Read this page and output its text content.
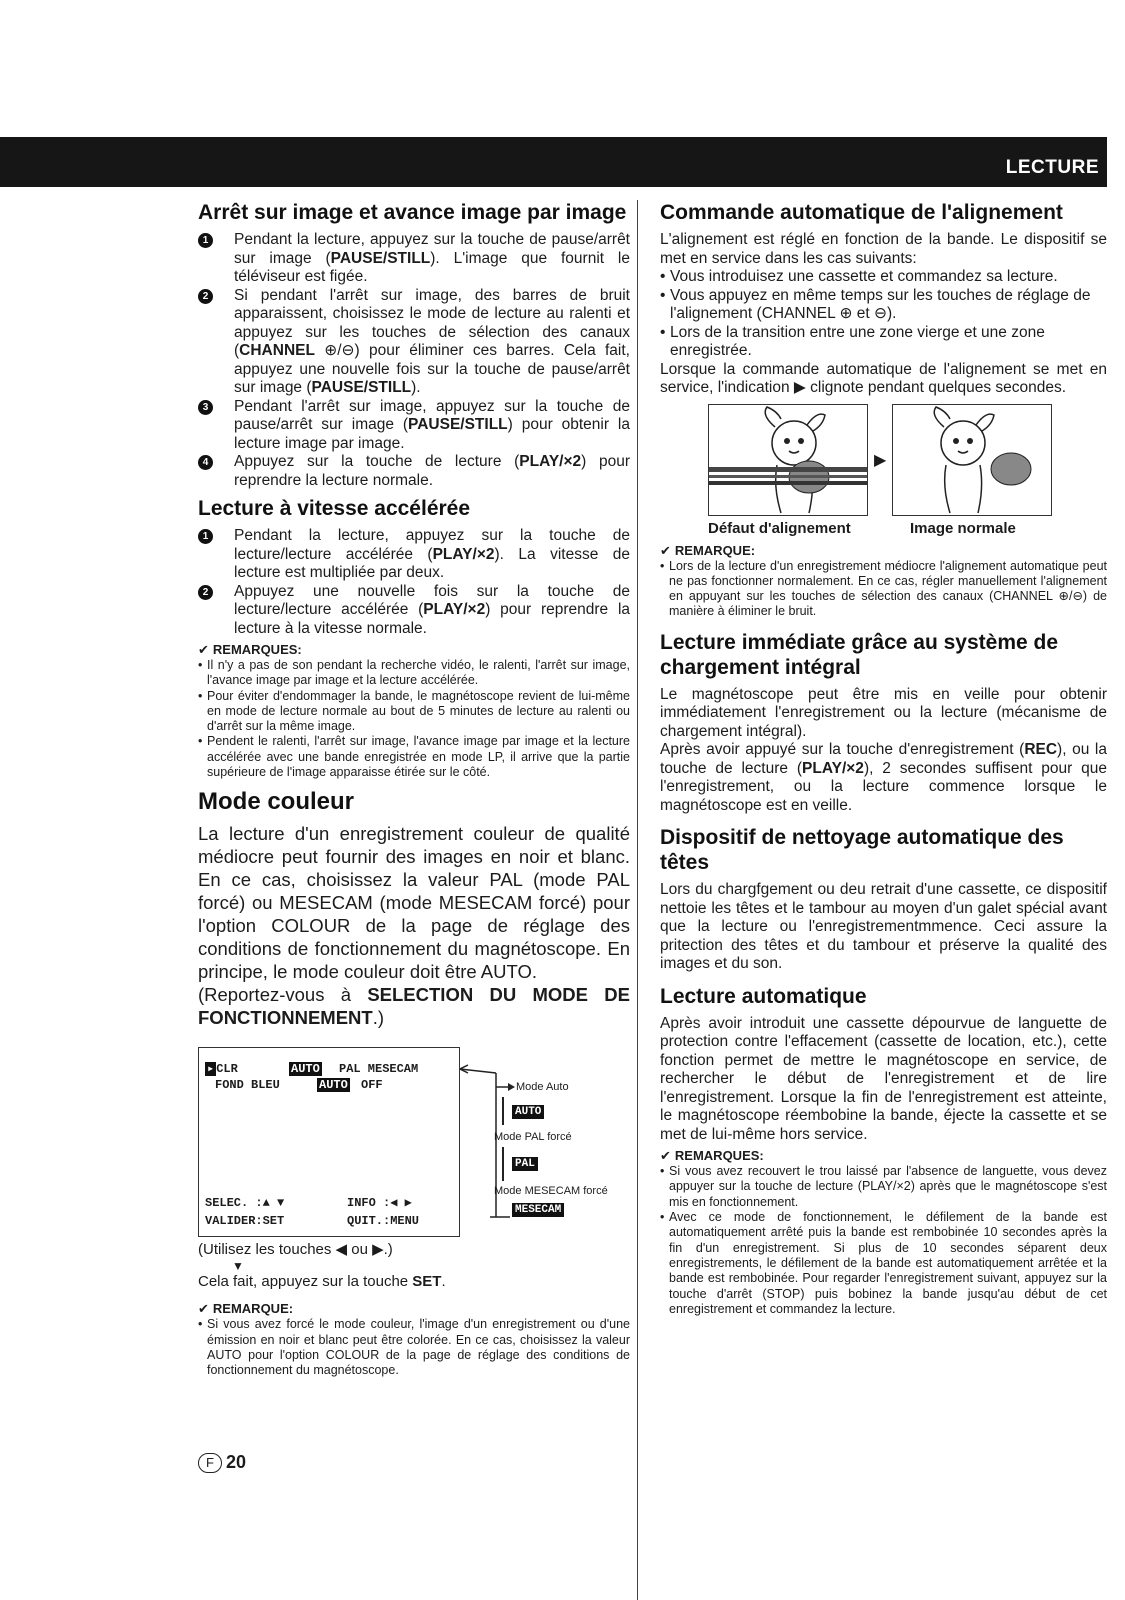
LECTURE
Arrêt sur image et avance image par image
1	Pendant la lecture, appuyez sur la touche de pause/arrêt sur image (PAUSE/STILL). L'image que fournit le téléviseur est figée.
2	Si pendant l'arrêt sur image, des barres de bruit apparaissent, choisissez le mode de lecture au ralenti et appuyez sur les touches de sélection des canaux (CHANNEL ⊕/⊖) pour éliminer ces barres. Cela fait, appuyez une nouvelle fois sur la touche de pause/arrêt sur image (PAUSE/STILL).
3	Pendant l'arrêt sur image, appuyez sur la touche de pause/arrêt sur image (PAUSE/STILL) pour obtenir la lecture image par image.
4	Appuyez sur la touche de lecture (PLAY/×2) pour reprendre la lecture normale.
Lecture à vitesse accélérée
1	Pendant la lecture, appuyez sur la touche de lecture/lecture accélérée (PLAY/×2). La vitesse de lecture est multipliée par deux.
2	Appuyez une nouvelle fois sur la touche de lecture/lecture accélérée (PLAY/×2) pour reprendre la lecture à la vitesse normale.
✔ REMARQUES:
• Il n'y a pas de son pendant la recherche vidéo, le ralenti, l'arrêt sur image, l'avance image par image et la lecture accélérée.
• Pour éviter d'endommager la bande, le magnétoscope revient de lui-même en mode de lecture normale au bout de 5 minutes de lecture au ralenti ou d'arrêt sur la même image.
• Pendent le ralenti, l'arrêt sur image, l'avance image par image et la lecture accélérée avec une bande enregistrée en mode LP, il arrive que la partie supérieure de l'image apparaisse étirée sur le côté.
Mode couleur

La lecture d'un enregistrement couleur de qualité médiocre peut fournir des images en noir et blanc. En ce cas, choisissez la valeur PAL (mode PAL forcé) ou MESECAM (mode MESECAM forcé) pour l'option COLOUR de la page de réglage des conditions de fonctionnement du magnétoscope. En principe, le mode couleur doit être AUTO.

(Reportez-vous à SELECTION DU MODE DE FONCTIONNEMENT.)

▸ CLR	AUTO PAL MESECAM
FOND BLEU	AUTO OFF
SELEC. :▲ ▼	INFO :◀ ▶
VALIDER:SET	QUIT.:MENU
Mode Auto
AUTO
Mode PAL forcé
PAL
Mode MESECAM forcé
MESECAM
(Utilisez les touches ◀ ou ▶.)
▼

Cela fait, appuyez sur la touche SET.

✔ REMARQUE:
• Si vous avez forcé le mode couleur, l'image d'un enregistrement ou d'une émission en noir et blanc peut être colorée. En ce cas, choisissez la valeur AUTO pour l'option COLOUR de la page de réglage des conditions de fonctionnement du magnétoscope.
Commande automatique de l'alignement

L'alignement est réglé en fonction de la bande. Le dispositif se met en service dans les cas suivants:

• Vous introduisez une cassette et commandez sa lecture.
• Vous appuyez en même temps sur les touches de réglage de l'alignement (CHANNEL ⊕ et ⊖).
• Lors de la transition entre une zone vierge et une zone enregistrée.

Lorsque la commande automatique de l'alignement se met en service, l'indication ▶ clignote pendant quelques secondes.

▶
Défaut d'alignement	Image normale
✔ REMARQUE:
• Lors de la lecture d'un enregistrement médiocre l'alignement automatique peut ne pas fonctionner normalement. En ce cas, régler manuellement l'alignement en appuyant sur les touches de sélection des canaux (CHANNEL ⊕/⊖) de manière à éliminer le bruit.
Lecture immédiate grâce au système de chargement intégral

Le magnétoscope peut être mis en veille pour obtenir immédiatement l'enregistrement ou la lecture (mécanisme de chargement intégral).

Après avoir appuyé sur la touche d'enregistrement (REC), ou la touche de lecture (PLAY/×2), 2 secondes suffisent pour que l'enregistrement, ou la lecture commence lorsque le magnétoscope est en veille.

Dispositif de nettoyage automatique des têtes

Lors du chargfgement ou deu retrait d'une cassette, ce dispositif nettoie les têtes et le tambour au moyen d'un galet spécial avant que la lecture ou l'enregistrementmmence. Ceci assure la pritection des têtes et du tambour et préserve la qualité des images et du son.

Lecture automatique

Après avoir introduit une cassette dépourvue de languette de protection contre l'effacement (cassette de location, etc.), cette fonction permet de mettre le magnétoscope en service, de rechercher le début de l'enregistrement et de lire l'enregistrement. Lorsque la fin de l'enregistrement est atteinte, le magnétoscope réembobine la bande, éjecte la cassette et se met de lui-même hors service.

✔ REMARQUES:
• Si vous avez recouvert le trou laissé par l'absence de languette, vous devez appuyer sur la touche de lecture (PLAY/×2) après que le magnétoscope s'est mis en fonctionnement.
• Avec ce mode de fonctionnement, le défilement de la bande est automatiquement arrêté puis la bande est rembobinée 10 secondes après la fin d'un enregistrement. Si plus de 10 secondes séparent deux enregistrements, le défilement de la bande est automatiquement arrêtée et la bande est rembobinée. Pour regarder l'enregistrement suivant, appuyez sur la touche d'arrêt (STOP) puis bobinez la bande jusqu'au début de cet enregistrement et commandez la lecture.
F 20
